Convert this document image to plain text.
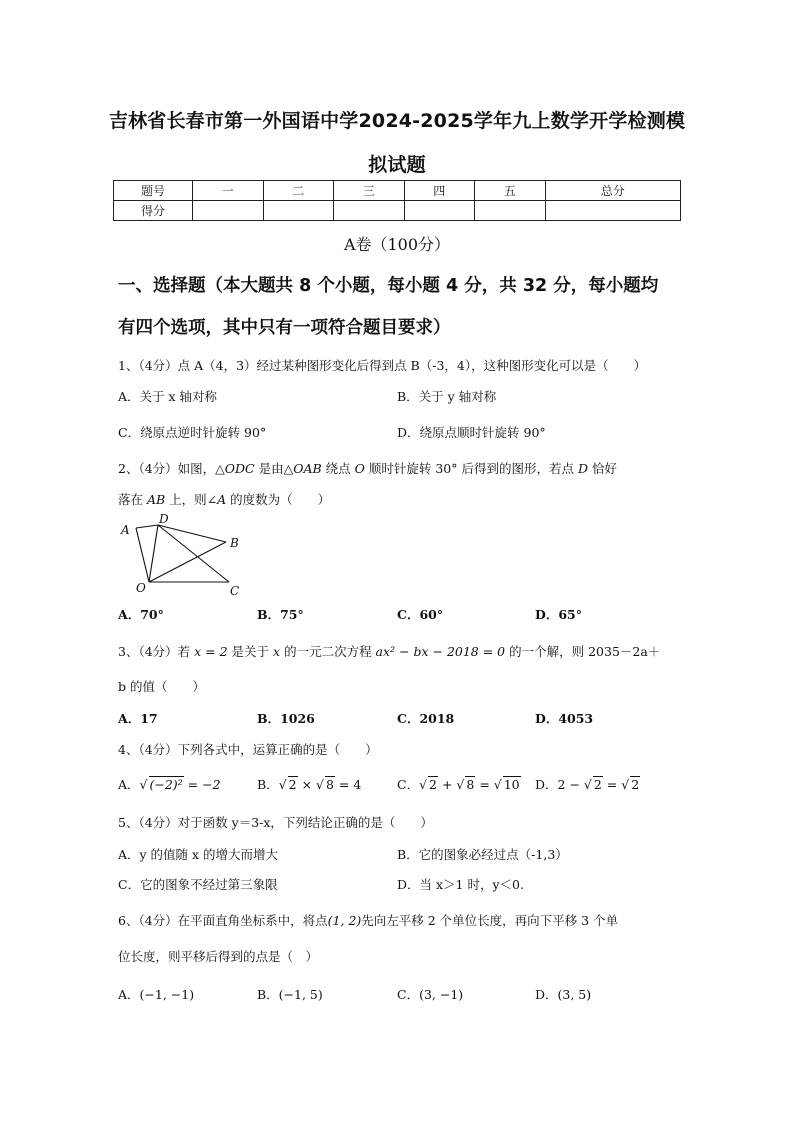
吉林省长春市第一外国语中学2024-2025学年九上数学开学检测模
拟试题
题号	一	二	三	四	五	总分
得分						
A卷（100分）
一、选择题（本大题共 8 个小题，每小题 4 分，共 32 分，每小题均
有四个选项，其中只有一项符合题目要求）
1、（4分）点 A（4，3）经过某种图形变化后得到点 B（-3，4），这种图形变化可以是（　　）
A．关于 x 轴对称	B．关于 y 轴对称
C．绕原点逆时针旋转 90°	D．绕原点顺时针旋转 90°
2、（4分）如图，△ODC 是由△OAB 绕点 O 顺时针旋转 30° 后得到的图形，若点 D 恰好
落在 AB 上，则∠A 的度数为（　　）
A
D
B
O	C
A．70°	B．75°	C．60°	D．65°
3、（4分）若 x = 2 是关于 x 的一元二次方程 ax² − bx − 2018 = 0 的一个解，则 2035－2a＋
b 的值（　　）
A．17	B．1026	C．2018	D．4053
4、（4分）下列各式中，运算正确的是（　　）
A．√ (−2)² = −2	B．√ 2 × √ 8 = 4	C．√ 2 + √ 8 = √ 10 D．2 − √ 2 = √ 2
5、（4分）对于函数 y＝3-x，下列结论正确的是（　　）
A．y 的值随 x 的增大而增大	B．它的图象必经过点（-1,3）
C．它的图象不经过第三象限	D．当 x＞1 时，y＜0.
6、（4分）在平面直角坐标系中，将点(1, 2)先向左平移 2 个单位长度，再向下平移 3 个单
位长度，则平移后得到的点是（　）
A．(−1, −1)	B．(−1, 5)	C．(3, −1)	D．(3, 5)
